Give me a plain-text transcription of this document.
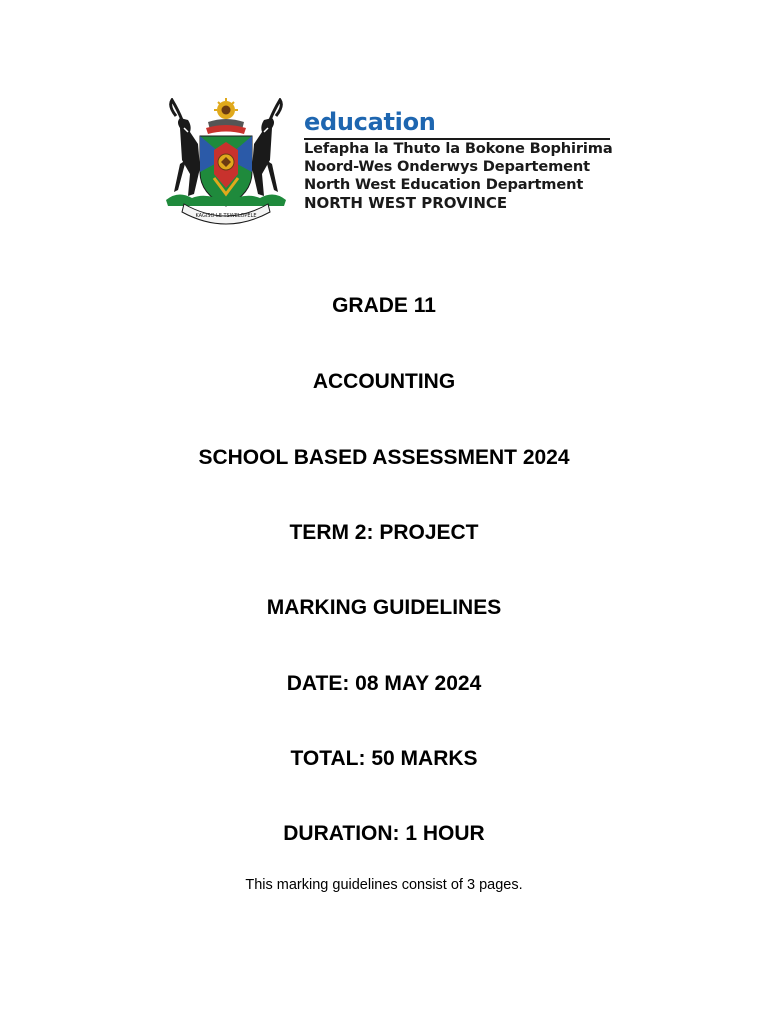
KAGISO LE TSWELOPELE
education
Lefapha la Thuto la Bokone Bophirima
Noord-Wes Onderwys Departement
North West Education Department
NORTH WEST PROVINCE
GRADE 11
ACCOUNTING
SCHOOL BASED ASSESSMENT 2024
TERM 2: PROJECT
MARKING GUIDELINES
DATE: 08 MAY 2024
TOTAL: 50 MARKS
DURATION: 1 HOUR
This marking guidelines consist of 3 pages.
